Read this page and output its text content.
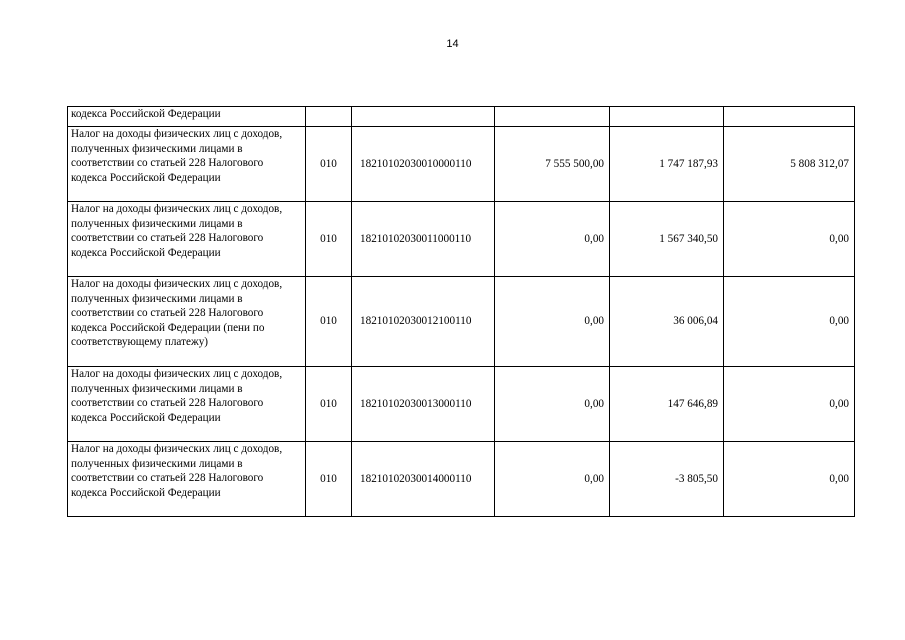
14
кодекса Российской Федерации					
Налог на доходы физических лиц с доходов, полученных физическими лицами в соответствии со статьей 228 Налогового кодекса Российской Федерации	010	18210102030010000110	7 555 500,00	1 747 187,93	5 808 312,07
Налог на доходы физических лиц с доходов, полученных физическими лицами в соответствии со статьей 228 Налогового кодекса Российской Федерации	010	18210102030011000110	0,00	1 567 340,50	0,00
Налог на доходы физических лиц с доходов, полученных физическими лицами в соответствии со статьей 228 Налогового кодекса Российской Федерации (пени по соответствующему платежу)	010	18210102030012100110	0,00	36 006,04	0,00
Налог на доходы физических лиц с доходов, полученных физическими лицами в соответствии со статьей 228 Налогового кодекса Российской Федерации	010	18210102030013000110	0,00	147 646,89	0,00
Налог на доходы физических лиц с доходов, полученных физическими лицами в соответствии со статьей 228 Налогового кодекса Российской Федерации	010	18210102030014000110	0,00	-3 805,50	0,00
